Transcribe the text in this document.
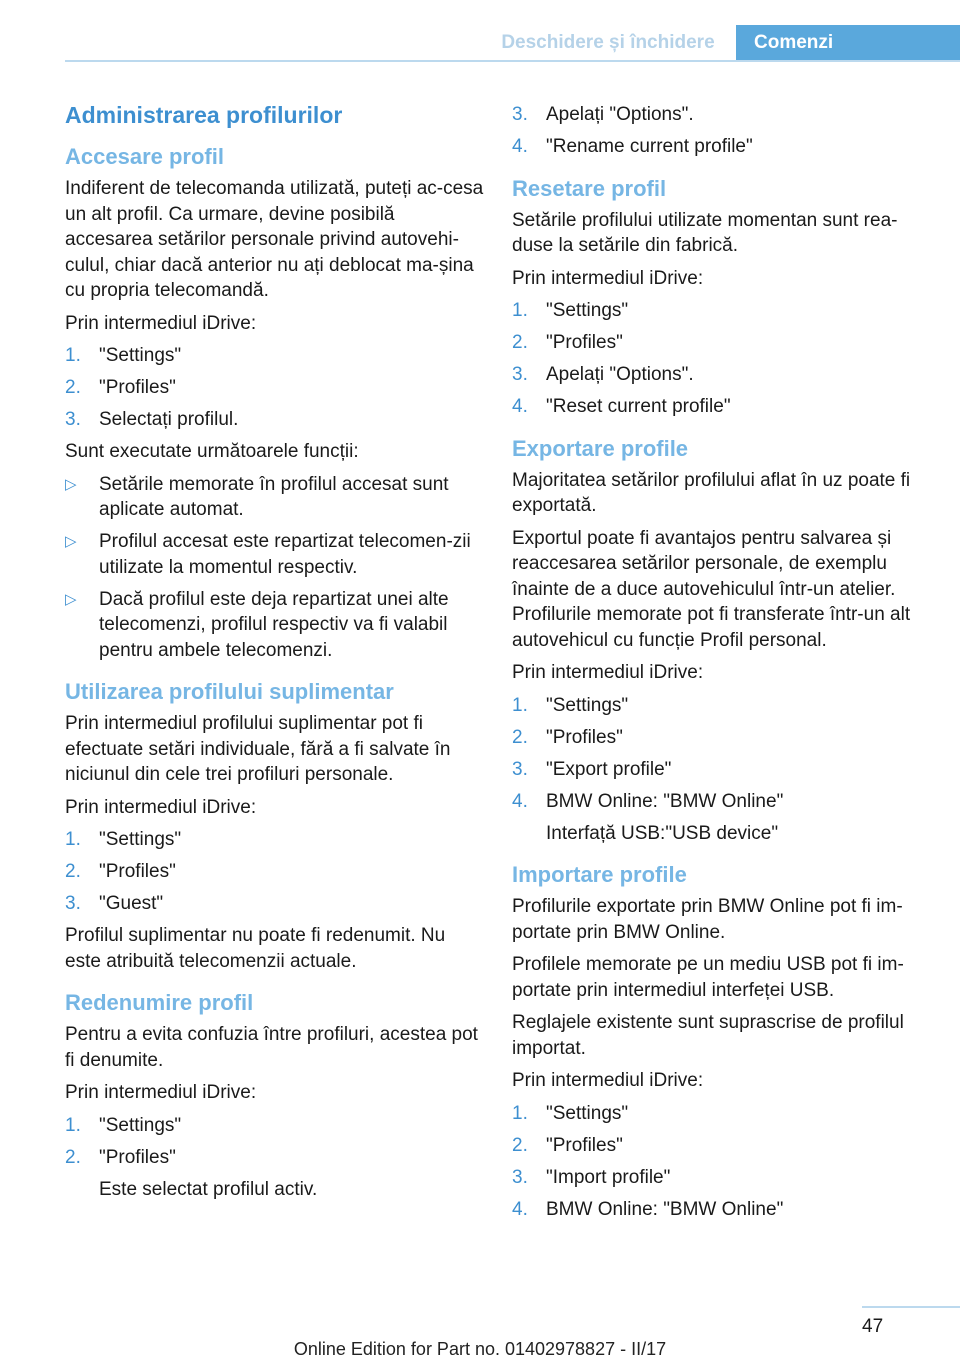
Deschidere și închidere	Comenzi
Administrarea profilurilor
Accesare profil

Indiferent de telecomanda utilizată, puteți ac‐cesa un alt profil. Ca urmare, devine posibilă accesarea setărilor personale privind autovehi‐culul, chiar dacă anterior nu ați deblocat ma‐șina cu propria telecomandă.

Prin intermediul iDrive:

1. "Settings"
2. "Profiles"
3. Selectați profilul.

Sunt executate următoarele funcții:

▷	Setările memorate în profilul accesat sunt aplicate automat.
▷	Profilul accesat este repartizat telecomen‐zii utilizate la momentul respectiv.
▷	Dacă profilul este deja repartizat unei alte telecomenzi, profilul respectiv va fi valabil pentru ambele telecomenzi.
Utilizarea profilului suplimentar

Prin intermediul profilului suplimentar pot fi efectuate setări individuale, fără a fi salvate în niciunul din cele trei profiluri personale.

Prin intermediul iDrive:

1. "Settings"
2. "Profiles"
3. "Guest"

Profilul suplimentar nu poate fi redenumit. Nu este atribuită telecomenzii actuale.

Redenumire profil

Pentru a evita confuzia între profiluri, acestea pot fi denumite.

Prin intermediul iDrive:

1. "Settings"
2. "Profiles"
Este selectat profilul activ.
3. Apelați "Options".
4. "Rename current profile"
Resetare profil

Setările profilului utilizate momentan sunt rea‐duse la setările din fabrică.

Prin intermediul iDrive:

1. "Settings"
2. "Profiles"
3. Apelați "Options".
4. "Reset current profile"
Exportare profile

Majoritatea setărilor profilului aflat în uz poate fi exportată.

Exportul poate fi avantajos pentru salvarea și reaccesarea setărilor personale, de exemplu înainte de a duce autovehiculul într-un atelier. Profilurile memorate pot fi transferate într-un alt autovehicul cu funcție Profil personal.

Prin intermediul iDrive:

1. "Settings"
2. "Profiles"
3. "Export profile"
4. BMW Online: "BMW Online"
Interfață USB:"USB device"
Importare profile

Profilurile exportate prin BMW Online pot fi im‐portate prin BMW Online.

Profilele memorate pe un mediu USB pot fi im‐portate prin intermediul interfeței USB.

Reglajele existente sunt suprascrise de profilul importat.

Prin intermediul iDrive:

1. "Settings"
2. "Profiles"
3. "Import profile"
4. BMW Online: "BMW Online"
47
Online Edition for Part no. 01402978827 - II/17
